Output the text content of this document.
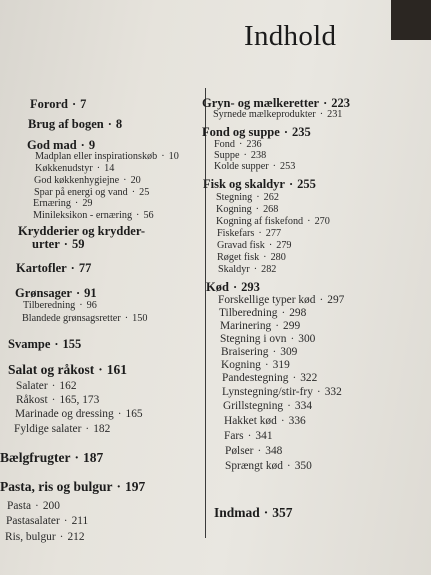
Indhold
Forord · 7
Brug af bogen · 8
God mad · 9
Madplan eller inspirationskøb · 10
Køkkenudstyr · 14
God køkkenhygiejne · 20
Spar på energi og vand · 25
Ernæring · 29
Minileksikon - ernæring · 56
Krydderier og krydder-
urter · 59
Kartofler · 77
Grønsager · 91
Tilberedning · 96
Blandede grønsagsretter · 150
Svampe · 155
Salat og råkost · 161
Salater · 162
Råkost · 165, 173
Marinade og dressing · 165
Fyldige salater · 182
Bælgfrugter · 187
Pasta, ris og bulgur · 197
Pasta · 200
Pastasalater · 211
Ris, bulgur · 212
Gryn- og mælkeretter · 223
Syrnede mælkeprodukter · 231
Fond og suppe · 235
Fond · 236
Suppe · 238
Kolde supper · 253
Fisk og skaldyr · 255
Stegning · 262
Kogning · 268
Kogning af fiskefond · 270
Fiskefars · 277
Gravad fisk · 279
Røget fisk · 280
Skaldyr · 282
Kød · 293
Forskellige typer kød · 297
Tilberedning · 298
Marinering · 299
Stegning i ovn · 300
Braisering · 309
Kogning · 319
Pandestegning · 322
Lynstegning/stir-fry · 332
Grillstegning · 334
Hakket kød · 336
Fars · 341
Pølser · 348
Sprængt kød · 350
Indmad · 357
